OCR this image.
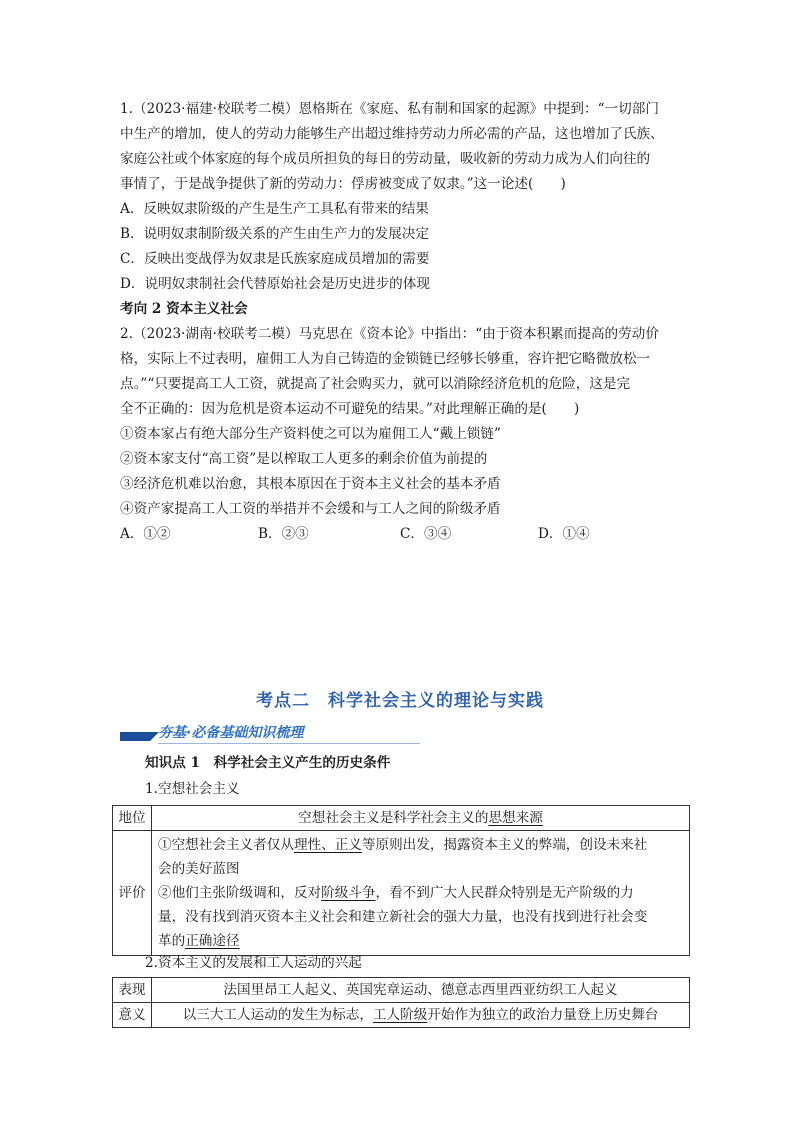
1.（2023·福建·校联考二模）恩格斯在《家庭、私有制和国家的起源》中提到：“一切部门
中生产的增加，使人的劳动力能够生产出超过维持劳动力所必需的产品，这也增加了氏族、
家庭公社或个体家庭的每个成员所担负的每日的劳动量，吸收新的劳动力成为人们向往的
事情了，于是战争提供了新的劳动力：俘虏被变成了奴隶。”这一论述(　　)
A．反映奴隶阶级的产生是生产工具私有带来的结果
B．说明奴隶制阶级关系的产生由生产力的发展决定
C．反映出变战俘为奴隶是氏族家庭成员增加的需要
D．说明奴隶制社会代替原始社会是历史进步的体现
考向 2 资本主义社会
2.（2023·湖南·校联考二模）马克思在《资本论》中指出：“由于资本积累而提高的劳动价
格，实际上不过表明，雇佣工人为自己铸造的金锁链已经够长够重，容许把它略微放松一
点。”“只要提高工人工资，就提高了社会购买力，就可以消除经济危机的危险，这是完
全不正确的：因为危机是资本运动不可避免的结果。”对此理解正确的是(　　)
①资本家占有绝大部分生产资料使之可以为雇佣工人“戴上锁链”
②资本家支付“高工资”是以榨取工人更多的剩余价值为前提的
③经济危机难以治愈，其根本原因在于资本主义社会的基本矛盾
④资产家提高工人工资的举措并不会缓和与工人之间的阶级矛盾
A．①②	B．②③	C．③④	D．①④
考点二　科学社会主义的理论与实践
夯基·必备基础知识梳理
知识点 1　科学社会主义产生的历史条件
1.空想社会主义
地位	空想社会主义是科学社会主义的思想来源
评价	①空想社会主义者仅从理性、正义等原则出发，揭露资本主义的弊端，创设未来社
会的美好蓝图
②他们主张阶级调和，反对阶级斗争，看不到广大人民群众特别是无产阶级的力
量，没有找到消灭资本主义社会和建立新社会的强大力量，也没有找到进行社会变
革的正确途径
2.资本主义的发展和工人运动的兴起
表现	法国里昂工人起义、英国宪章运动、德意志西里西亚纺织工人起义
意义	以三大工人运动的发生为标志，工人阶级开始作为独立的政治力量登上历史舞台
